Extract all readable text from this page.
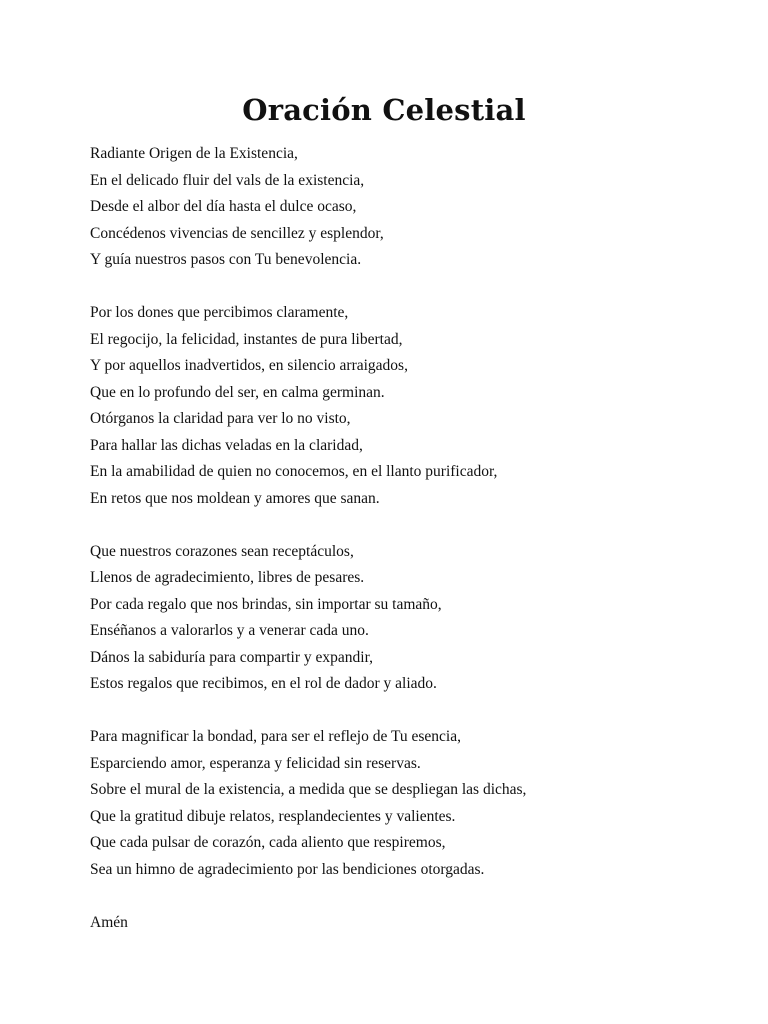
Oración Celestial
Radiante Origen de la Existencia,
En el delicado fluir del vals de la existencia,
Desde el albor del día hasta el dulce ocaso,
Concédenos vivencias de sencillez y esplendor,
Y guía nuestros pasos con Tu benevolencia.
Por los dones que percibimos claramente,
El regocijo, la felicidad, instantes de pura libertad,
Y por aquellos inadvertidos, en silencio arraigados,
Que en lo profundo del ser, en calma germinan.
Otórganos la claridad para ver lo no visto,
Para hallar las dichas veladas en la claridad,
En la amabilidad de quien no conocemos, en el llanto purificador,
En retos que nos moldean y amores que sanan.
Que nuestros corazones sean receptáculos,
Llenos de agradecimiento, libres de pesares.
Por cada regalo que nos brindas, sin importar su tamaño,
Enséñanos a valorarlos y a venerar cada uno.
Dános la sabiduría para compartir y expandir,
Estos regalos que recibimos, en el rol de dador y aliado.
Para magnificar la bondad, para ser el reflejo de Tu esencia,
Esparciendo amor, esperanza y felicidad sin reservas.
Sobre el mural de la existencia, a medida que se despliegan las dichas,
Que la gratitud dibuje relatos, resplandecientes y valientes.
Que cada pulsar de corazón, cada aliento que respiremos,
Sea un himno de agradecimiento por las bendiciones otorgadas.
Amén
